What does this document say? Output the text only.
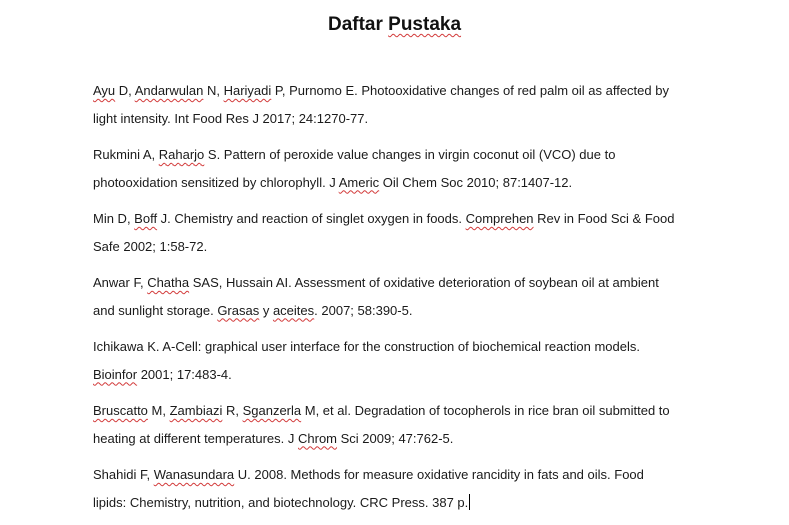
Daftar Pustaka

Ayu D, Andarwulan N, Hariyadi P, Purnomo E. Photooxidative changes of red palm oil as affected by
light intensity. Int Food Res J 2017; 24:1270-77.

Rukmini A, Raharjo S. Pattern of peroxide value changes in virgin coconut oil (VCO) due to
photooxidation sensitized by chlorophyll. J Americ Oil Chem Soc 2010; 87:1407-12.

Min D, Boff J. Chemistry and reaction of singlet oxygen in foods. Comprehen Rev in Food Sci & Food
Safe 2002; 1:58-72.

Anwar F, Chatha SAS, Hussain AI. Assessment of oxidative deterioration of soybean oil at ambient
and sunlight storage. Grasas y aceites. 2007; 58:390-5.

Ichikawa K. A-Cell: graphical user interface for the construction of biochemical reaction models.
Bioinfor 2001; 17:483-4.

Bruscatto M, Zambiazi R, Sganzerla M, et al. Degradation of tocopherols in rice bran oil submitted to
heating at different temperatures. J Chrom Sci 2009; 47:762-5.

Shahidi F, Wanasundara U. 2008. Methods for measure oxidative rancidity in fats and oils. Food
lipids: Chemistry, nutrition, and biotechnology. CRC Press. 387 p.
